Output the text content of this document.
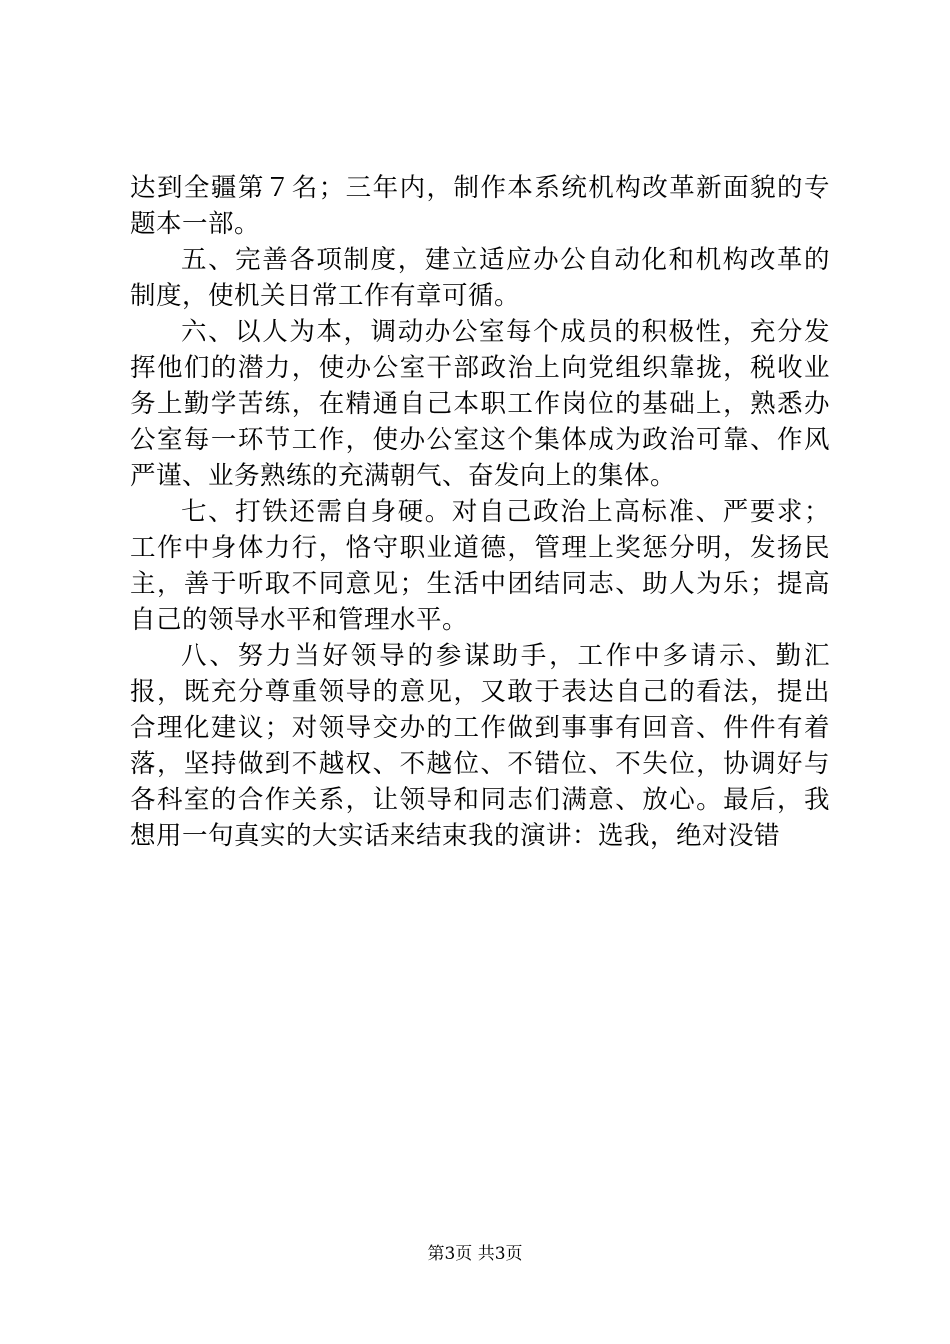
达到全疆第７名；三年内，制作本系统机构改革新面貌的专题本一部。

五、完善各项制度，建立适应办公自动化和机构改革的制度，使机关日常工作有章可循。

六、以人为本，调动办公室每个成员的积极性，充分发挥他们的潜力，使办公室干部政治上向党组织靠拢，税收业务上勤学苦练，在精通自己本职工作岗位的基础上，熟悉办公室每一环节工作，使办公室这个集体成为政治可靠、作风严谨、业务熟练的充满朝气、奋发向上的集体。

七、打铁还需自身硬。对自己政治上高标准、严要求；工作中身体力行，恪守职业道德，管理上奖惩分明，发扬民主，善于听取不同意见；生活中团结同志、助人为乐；提高自己的领导水平和管理水平。

八、努力当好领导的参谋助手，工作中多请示、勤汇报，既充分尊重领导的意见，又敢于表达自己的看法，提出合理化建议；对领导交办的工作做到事事有回音、件件有着落，坚持做到不越权、不越位、不错位、不失位，协调好与各科室的合作关系，让领导和同志们满意、放心。最后，我想用一句真实的大实话来结束我的演讲：选我，绝对没错

第3页 共3页
